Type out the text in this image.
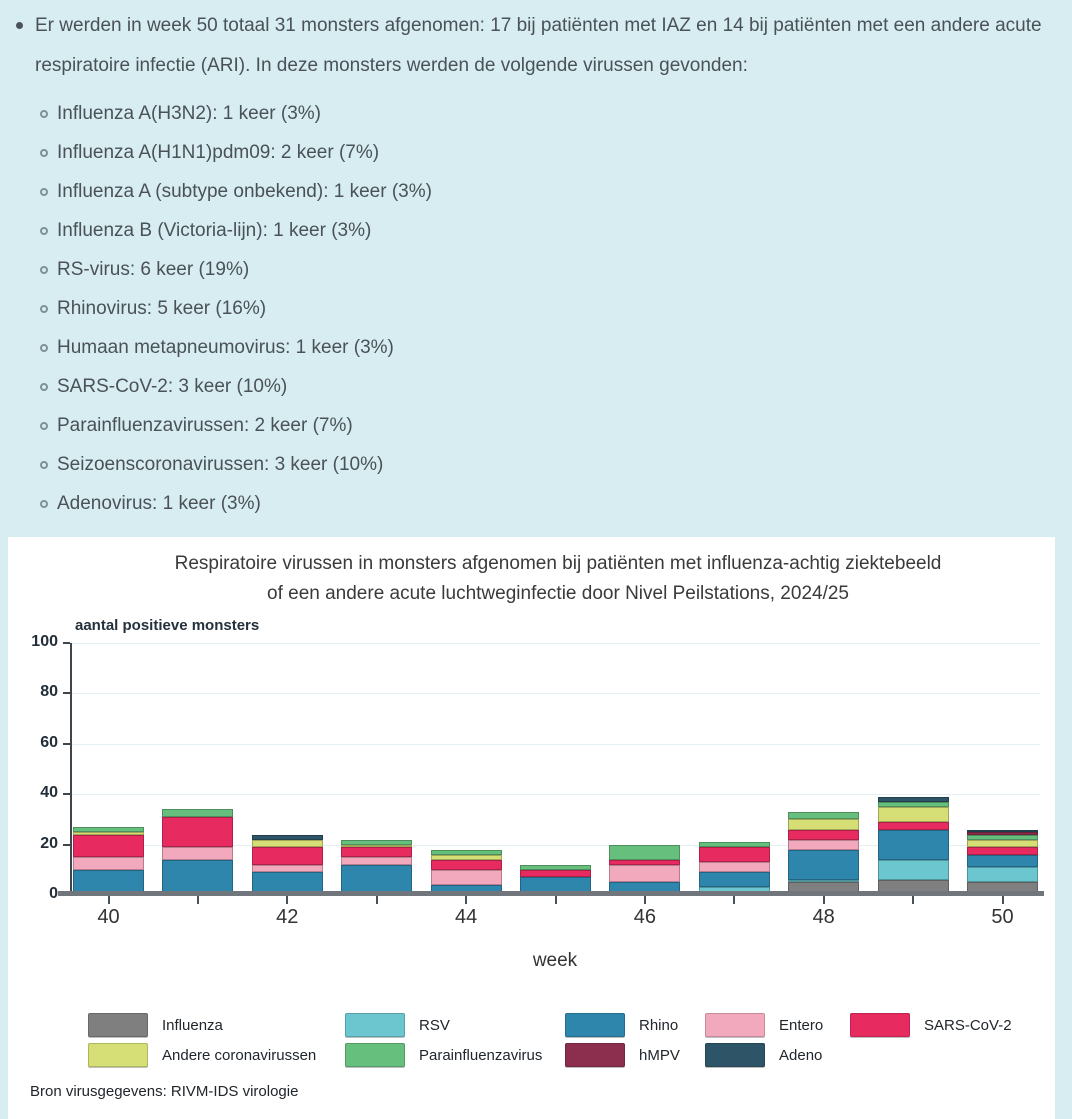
Er werden in week 50 totaal 31 monsters afgenomen: 17 bij patiënten met IAZ en 14 bij patiënten met een andere acute respiratoire infectie (ARI). In deze monsters werden de volgende virussen gevonden:

Influenza A(H3N2): 1 keer (3%)
Influenza A(H1N1)pdm09: 2 keer (7%)
Influenza A (subtype onbekend): 1 keer (3%)
Influenza B (Victoria-lijn): 1 keer (3%)
RS-virus: 6 keer (19%)
Rhinovirus: 5 keer (16%)
Humaan metapneumovirus: 1 keer (3%)
SARS-CoV-2: 3 keer (10%)
Parainfluenzavirussen: 2 keer (7%)
Seizoenscoronavirussen: 3 keer (10%)
Adenovirus: 1 keer (3%)
Respiratoire virussen in monsters afgenomen bij patiënten met influenza-achtig ziektebeeld
of een andere acute luchtweginfectie door Nivel Peilstations, 2024/25
aantal positieve monsters
0
20
40
60
80
100
40	42	44	46	48	50
week
Influenza	RSV	Rhino	Entero	SARS-CoV-2
Andere coronavirussen	Parainfluenzavirus	hMPV	Adeno
Bron virusgegevens: RIVM-IDS virologie
